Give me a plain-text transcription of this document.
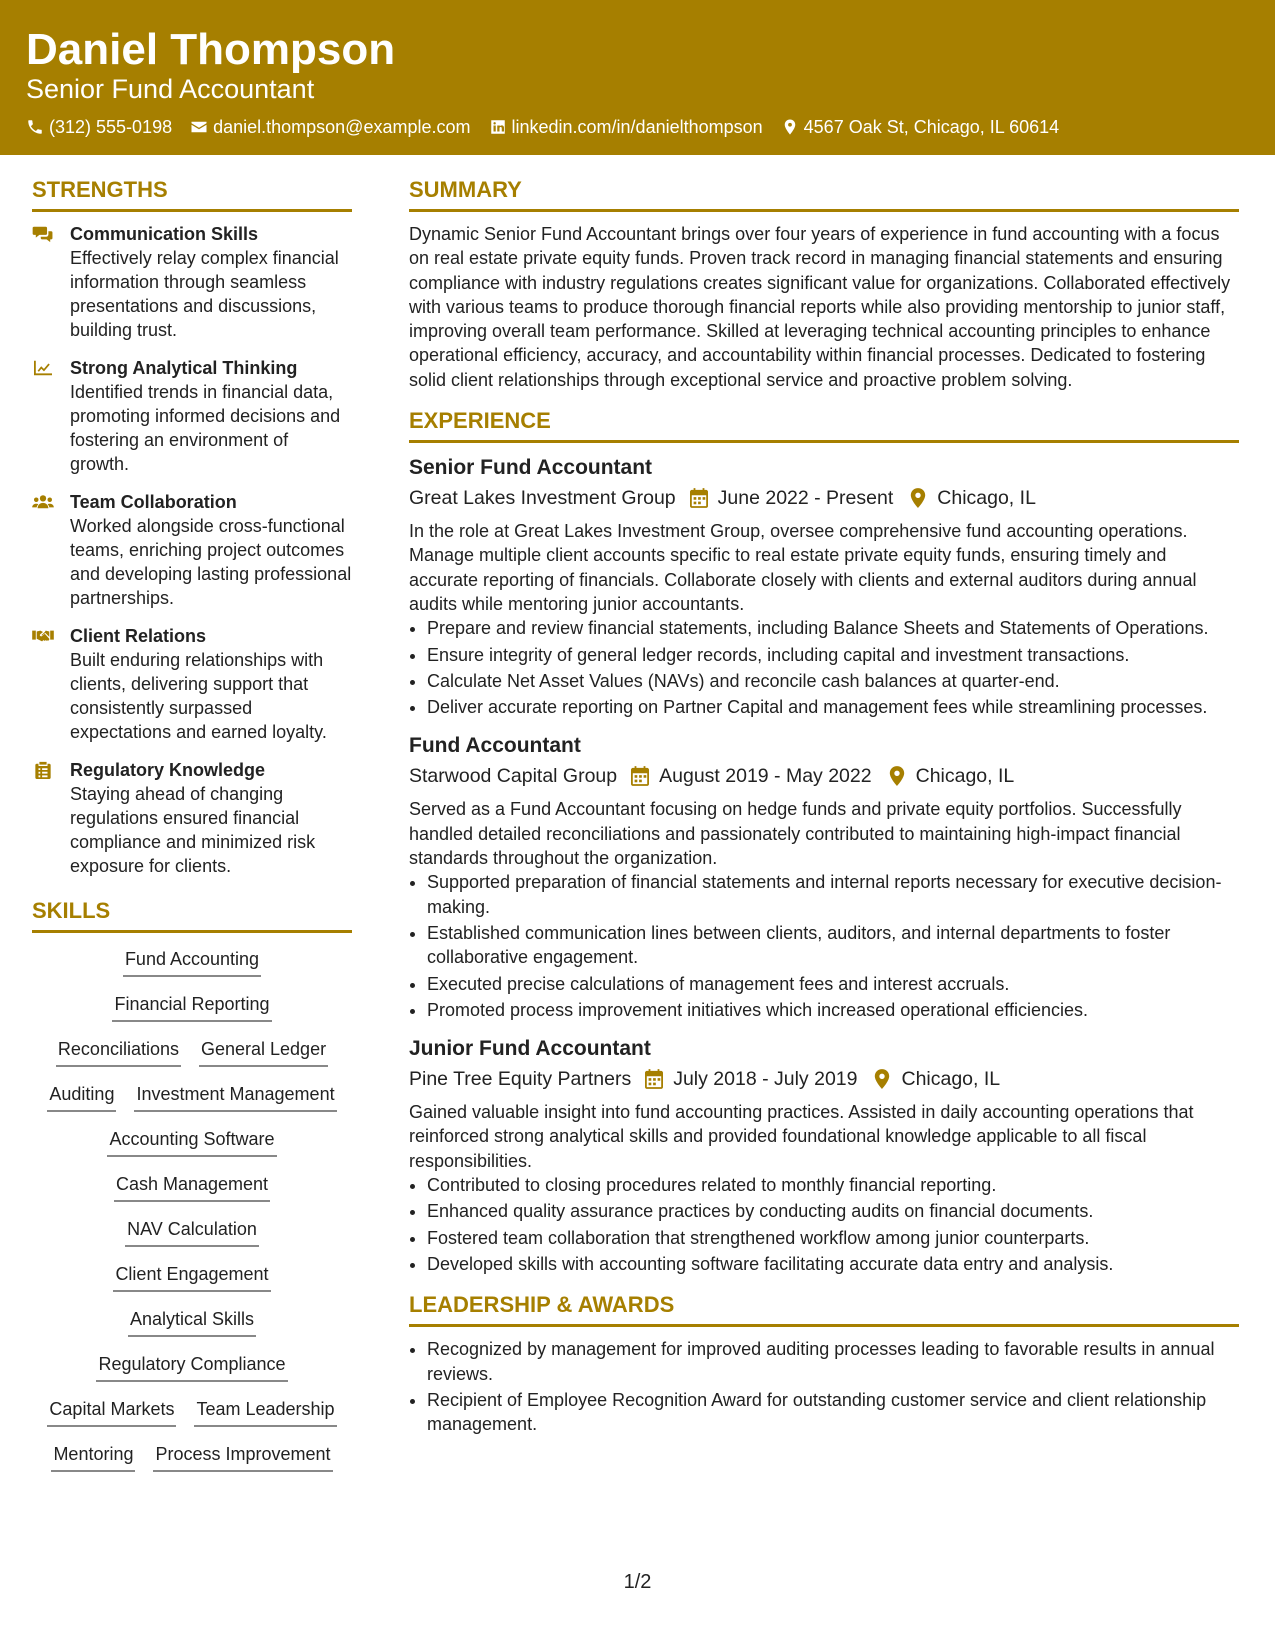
Daniel Thompson
Senior Fund Accountant
(312) 555-0198 daniel.thompson@example.com linkedin.com/in/danielthompson 4567 Oak St, Chicago, IL 60614
STRENGTHS
Communication Skills
Effectively relay complex financial information through seamless presentations and discussions, building trust.
Strong Analytical Thinking
Identified trends in financial data, promoting informed decisions and fostering an environment of growth.
Team Collaboration
Worked alongside cross-functional teams, enriching project outcomes and developing lasting professional partnerships.
Client Relations
Built enduring relationships with clients, delivering support that consistently surpassed expectations and earned loyalty.
Regulatory Knowledge
Staying ahead of changing regulations ensured financial compliance and minimized risk exposure for clients.
SKILLS
Fund Accounting
Financial Reporting
Reconciliations General Ledger
Auditing Investment Management
Accounting Software
Cash Management
NAV Calculation
Client Engagement
Analytical Skills
Regulatory Compliance
Capital Markets Team Leadership
Mentoring Process Improvement
SUMMARY
Dynamic Senior Fund Accountant brings over four years of experience in fund accounting with a focus on real estate private equity funds. Proven track record in managing financial statements and ensuring compliance with industry regulations creates significant value for organizations. Collaborated effectively with various teams to produce thorough financial reports while also providing mentorship to junior staff, improving overall team performance. Skilled at leveraging technical accounting principles to enhance operational efficiency, accuracy, and accountability within financial processes. Dedicated to fostering solid client relationships through exceptional service and proactive problem solving.
EXPERIENCE
Senior Fund Accountant
Great Lakes Investment Group June 2022 - Present Chicago, IL
In the role at Great Lakes Investment Group, oversee comprehensive fund accounting operations. Manage multiple client accounts specific to real estate private equity funds, ensuring timely and accurate reporting of financials. Collaborate closely with clients and external auditors during annual audits while mentoring junior accountants.
• Prepare and review financial statements, including Balance Sheets and Statements of Operations.
• Ensure integrity of general ledger records, including capital and investment transactions.
• Calculate Net Asset Values (NAVs) and reconcile cash balances at quarter-end.
• Deliver accurate reporting on Partner Capital and management fees while streamlining processes.
Fund Accountant
Starwood Capital Group August 2019 - May 2022 Chicago, IL
Served as a Fund Accountant focusing on hedge funds and private equity portfolios. Successfully handled detailed reconciliations and passionately contributed to maintaining high-impact financial standards throughout the organization.
• Supported preparation of financial statements and internal reports necessary for executive decision-making.
• Established communication lines between clients, auditors, and internal departments to foster collaborative engagement.
• Executed precise calculations of management fees and interest accruals.
• Promoted process improvement initiatives which increased operational efficiencies.
Junior Fund Accountant
Pine Tree Equity Partners July 2018 - July 2019 Chicago, IL
Gained valuable insight into fund accounting practices. Assisted in daily accounting operations that reinforced strong analytical skills and provided foundational knowledge applicable to all fiscal responsibilities.
• Contributed to closing procedures related to monthly financial reporting.
• Enhanced quality assurance practices by conducting audits on financial documents.
• Fostered team collaboration that strengthened workflow among junior counterparts.
• Developed skills with accounting software facilitating accurate data entry and analysis.
LEADERSHIP & AWARDS
• Recognized by management for improved auditing processes leading to favorable results in annual reviews.
• Recipient of Employee Recognition Award for outstanding customer service and client relationship management.
1/2
